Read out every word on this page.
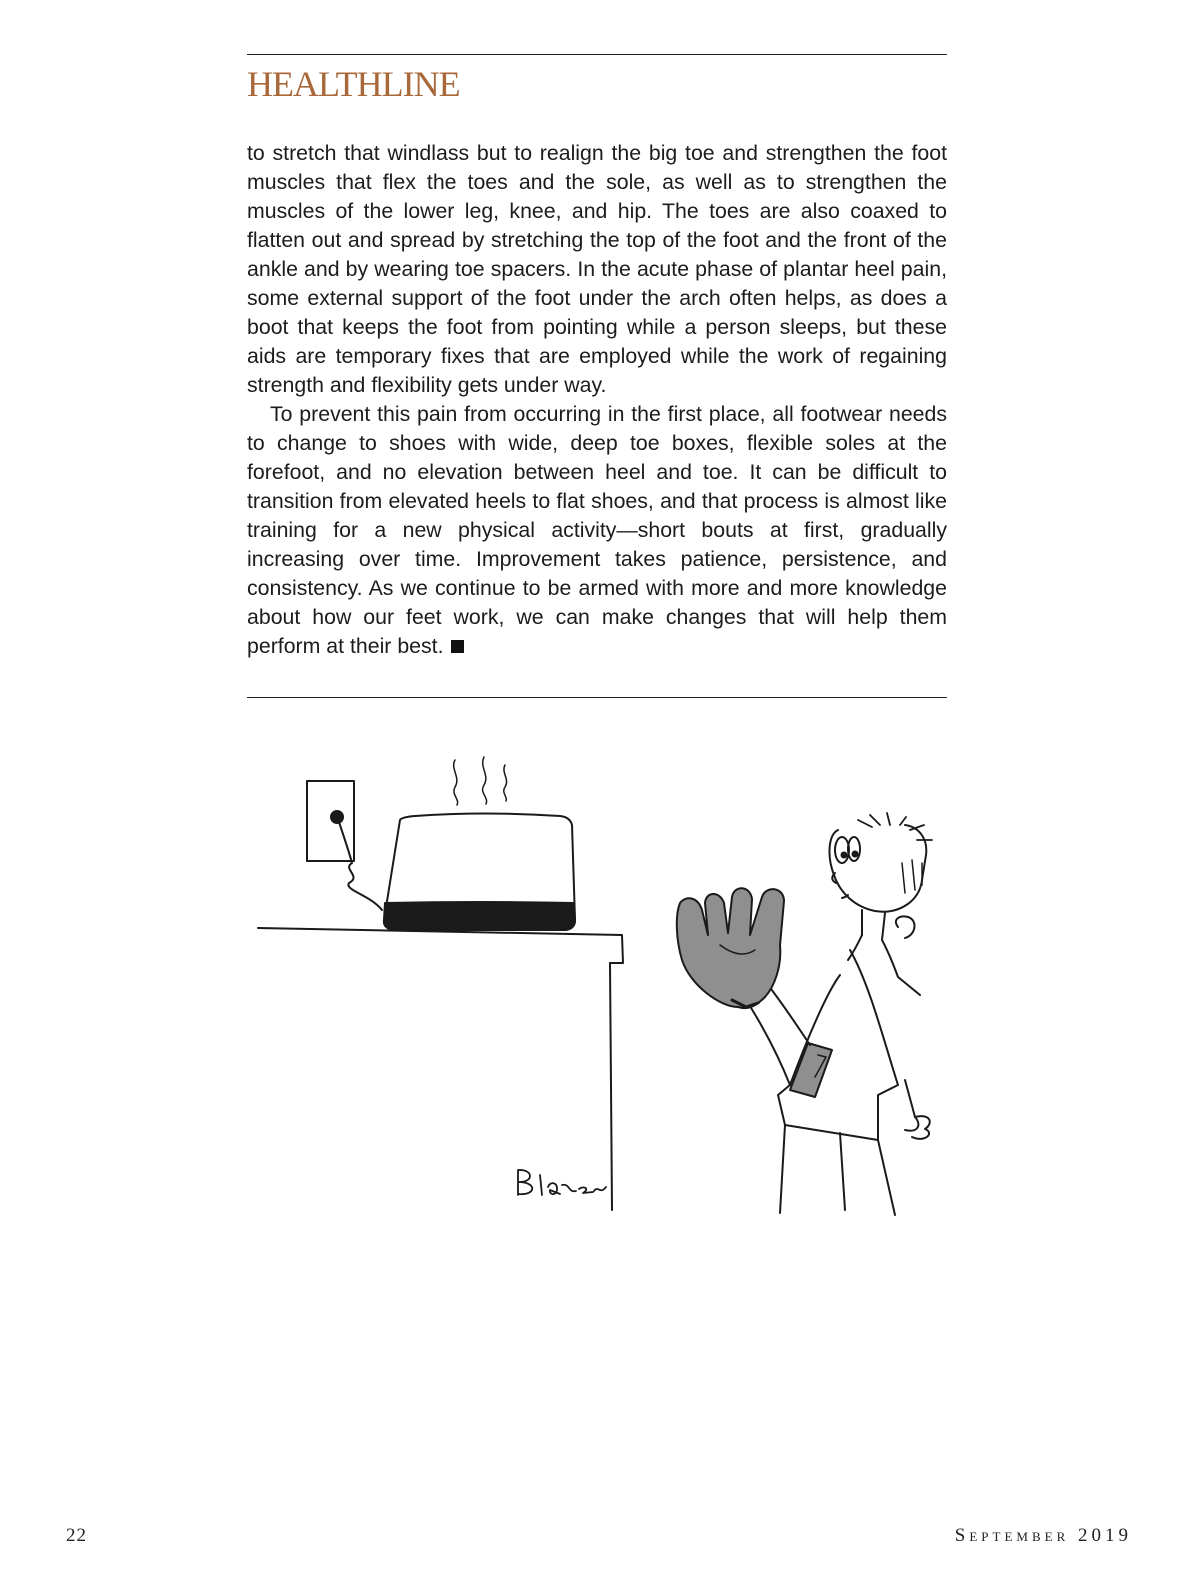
HEALTHLINE

to stretch that windlass but to realign the big toe and strengthen the foot muscles that flex the toes and the sole, as well as to strengthen the muscles of the lower leg, knee, and hip. The toes are also coaxed to flatten out and spread by stretching the top of the foot and the front of the ankle and by wearing toe spacers. In the acute phase of plantar heel pain, some external support of the foot under the arch often helps, as does a boot that keeps the foot from pointing while a person sleeps, but these aids are temporary fixes that are employed while the work of regaining strength and flexibility gets under way.

To prevent this pain from occurring in the first place, all footwear needs to change to shoes with wide, deep toe boxes, flexible soles at the forefoot, and no elevation between heel and toe. It can be difficult to transition from elevated heels to flat shoes, and that process is almost like training for a new physical activity—short bouts at first, gradually increasing over time. Improvement takes patience, persistence, and consistency. As we continue to be armed with more and more knowledge about how our feet work, we can make changes that will help them perform at their best.

22	September 2019
